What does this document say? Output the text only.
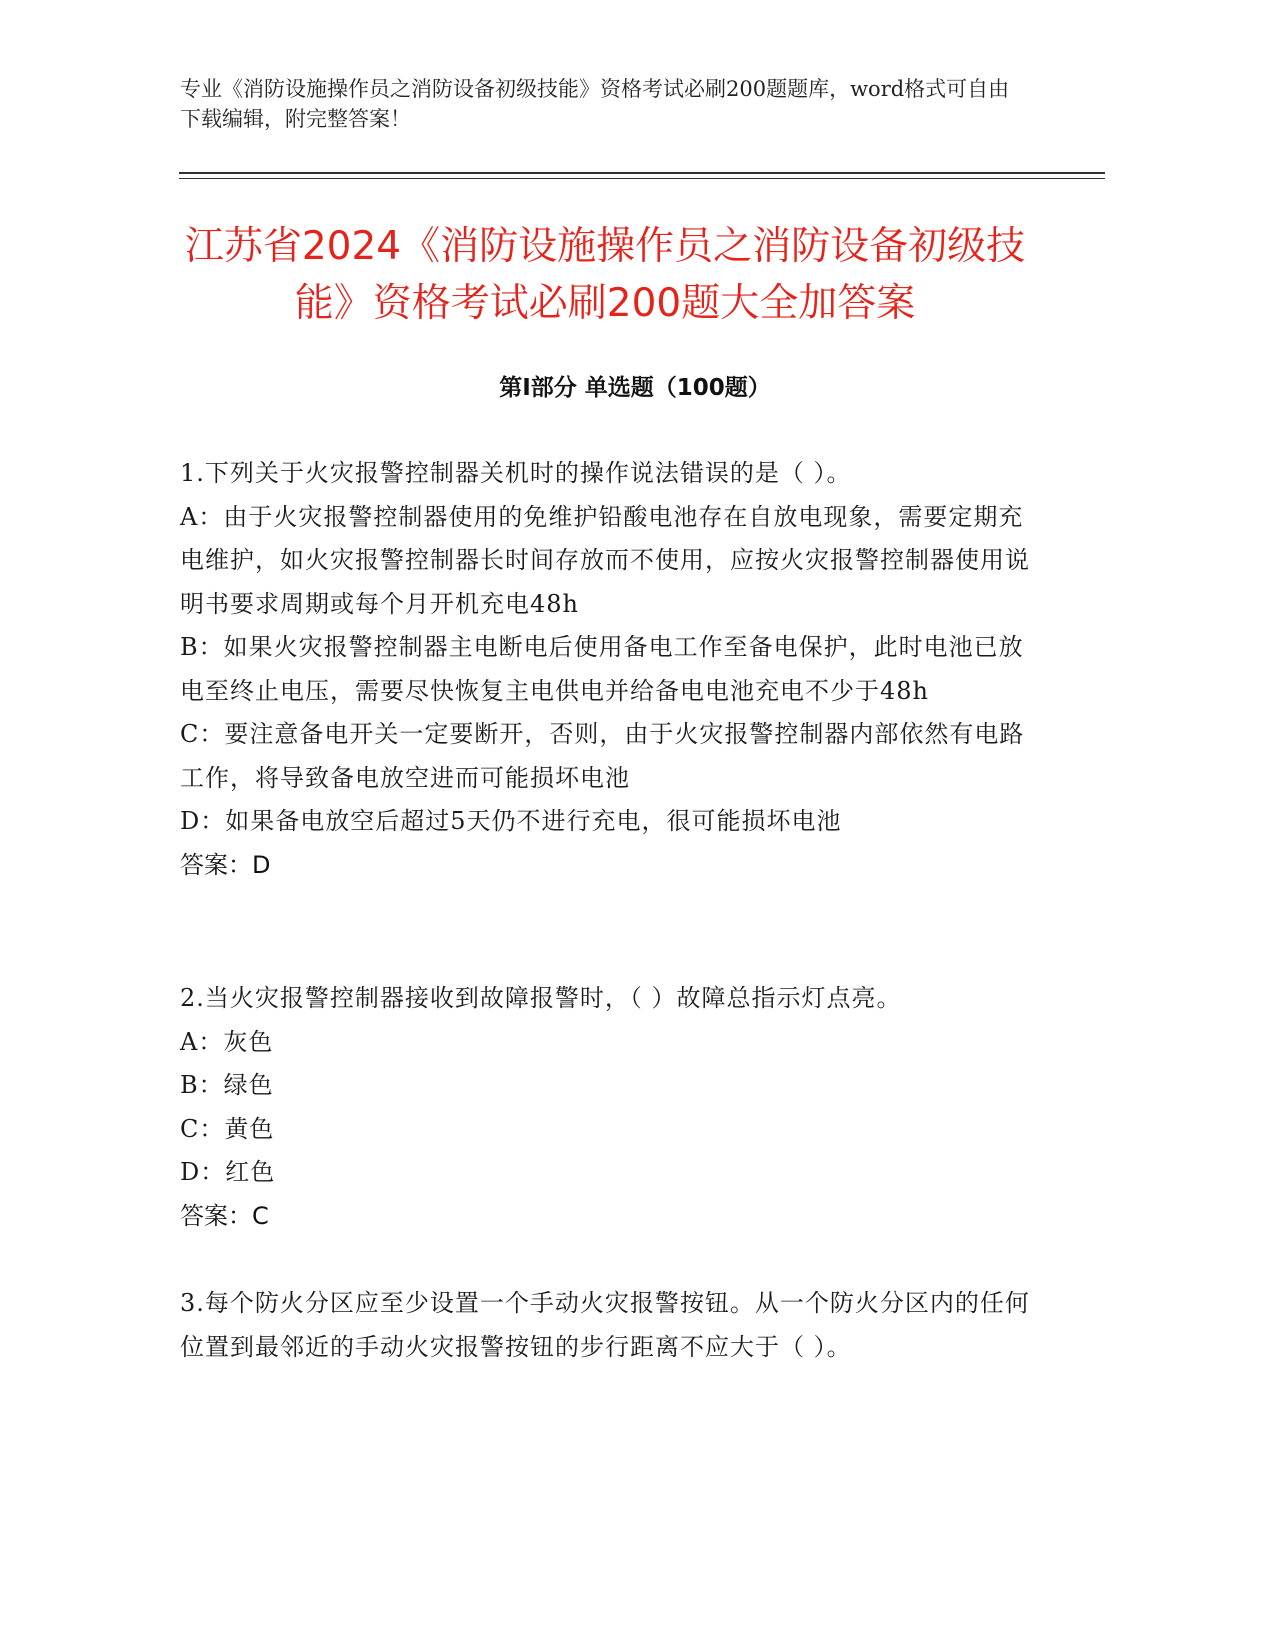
专业《消防设施操作员之消防设备初级技能》资格考试必刷200题题库，word格式可自由下载编辑，附完整答案！
江苏省2024《消防设施操作员之消防设备初级技能》资格考试必刷200题大全加答案
第I部分 单选题（100题）
1.下列关于火灾报警控制器关机时的操作说法错误的是（ ）。
A：由于火灾报警控制器使用的免维护铅酸电池存在自放电现象，需要定期充电维护，如火灾报警控制器长时间存放而不使用，应按火灾报警控制器使用说明书要求周期或每个月开机充电48h
B：如果火灾报警控制器主电断电后使用备电工作至备电保护，此时电池已放电至终止电压，需要尽快恢复主电供电并给备电电池充电不少于48h
C：要注意备电开关一定要断开，否则，由于火灾报警控制器内部依然有电路工作，将导致备电放空进而可能损坏电池
D：如果备电放空后超过5天仍不进行充电，很可能损坏电池
答案：D
2.当火灾报警控制器接收到故障报警时，（ ）故障总指示灯点亮。
A：灰色
B：绿色
C：黄色
D：红色
答案：C
3.每个防火分区应至少设置一个手动火灾报警按钮。从一个防火分区内的任何位置到最邻近的手动火灾报警按钮的步行距离不应大于（ ）。
